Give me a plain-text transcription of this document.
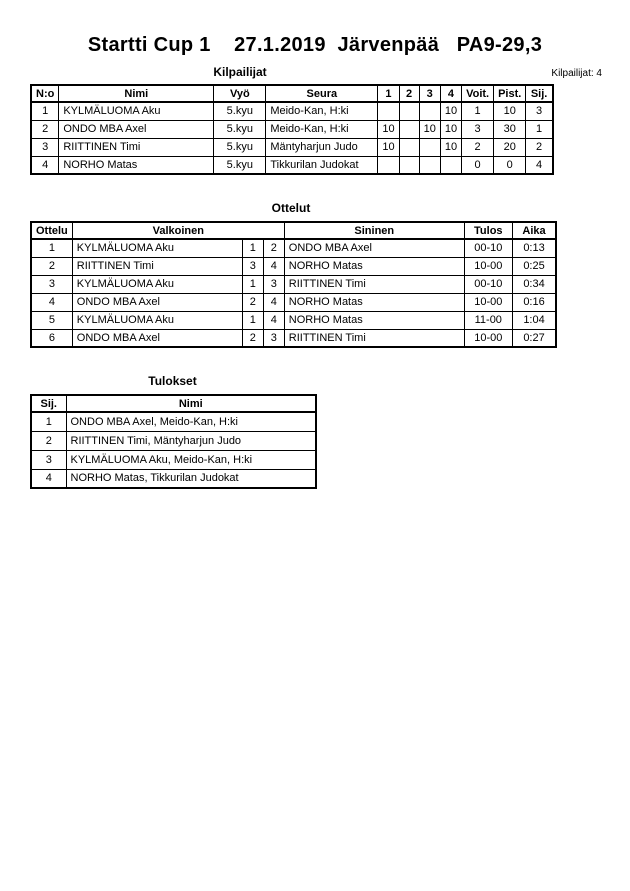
Startti Cup 1    27.1.2019  Järvenpää   PA9-29,3
Kilpailijat: 4
Kilpailijat
N:o	Nimi	Vyö	Seura	1	2	3	4	Voit.	Pist.	Sij.
1	KYLMÄLUOMA Aku	5.kyu	Meido-Kan, H:ki				10	1	10	3
2	ONDO MBA Axel	5.kyu	Meido-Kan, H:ki	10		10	10	3	30	1
3	RIITTINEN Timi	5.kyu	Mäntyharjun Judo	10			10	2	20	2
4	NORHO Matas	5.kyu	Tikkurilan Judokat					0	0	4
Ottelut
Ottelu	Valkoinen			Sininen	Tulos	Aika
1	KYLMÄLUOMA Aku	1	2	ONDO MBA Axel	00-10	0:13
2	RIITTINEN Timi	3	4	NORHO Matas	10-00	0:25
3	KYLMÄLUOMA Aku	1	3	RIITTINEN Timi	00-10	0:34
4	ONDO MBA Axel	2	4	NORHO Matas	10-00	0:16
5	KYLMÄLUOMA Aku	1	4	NORHO Matas	11-00	1:04
6	ONDO MBA Axel	2	3	RIITTINEN Timi	10-00	0:27
Tulokset
Sij.	Nimi
1	ONDO MBA Axel, Meido-Kan, H:ki
2	RIITTINEN Timi, Mäntyharjun Judo
3	KYLMÄLUOMA Aku, Meido-Kan, H:ki
4	NORHO Matas, Tikkurilan Judokat
